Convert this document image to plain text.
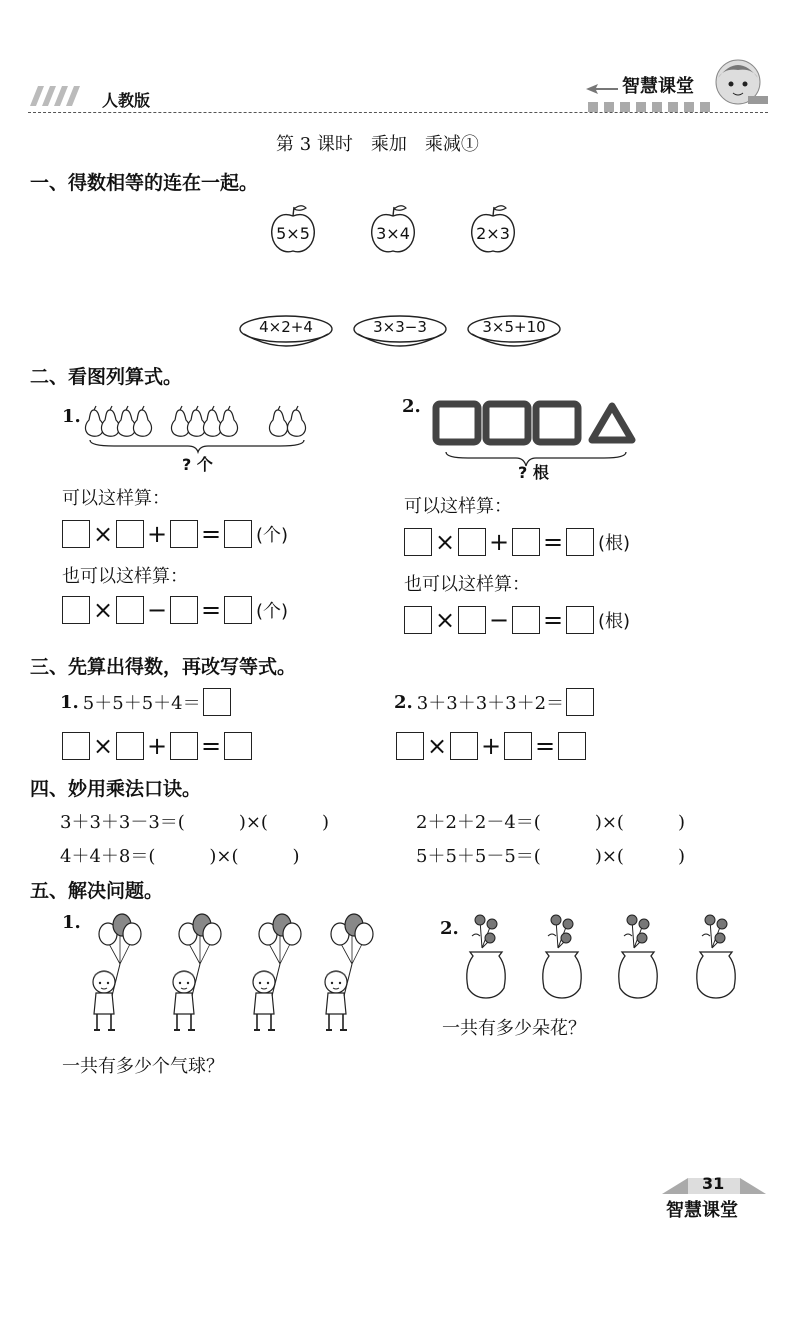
人教版
智慧课堂
第 3 课时　乘加　乘减①
一、得数相等的连在一起。
5×5	3×4	2×3
4×2+4	3×3−3	3×5+10
二、看图列算式。
1.
? 个
可以这样算：
× + = (个)
也可以这样算：
× − = (个)
2.
? 根
可以这样算：
× + = (根)
也可以这样算：
× − = (根)
三、先算出得数，再改写等式。
1. 5＋5＋5＋4＝
× + =
2. 3＋3＋3＋3＋2＝
× + =
四、妙用乘法口诀。
3＋3＋3－3＝(　　　)×(　　　)	2＋2＋2－4＝(　　　)×(　　　)
4＋4＋8＝(　　　)×(　　　)	5＋5＋5－5＝(　　　)×(　　　)
五、解决问题。
1.
一共有多少个气球？
2.
一共有多少朵花？
31
智慧课堂
